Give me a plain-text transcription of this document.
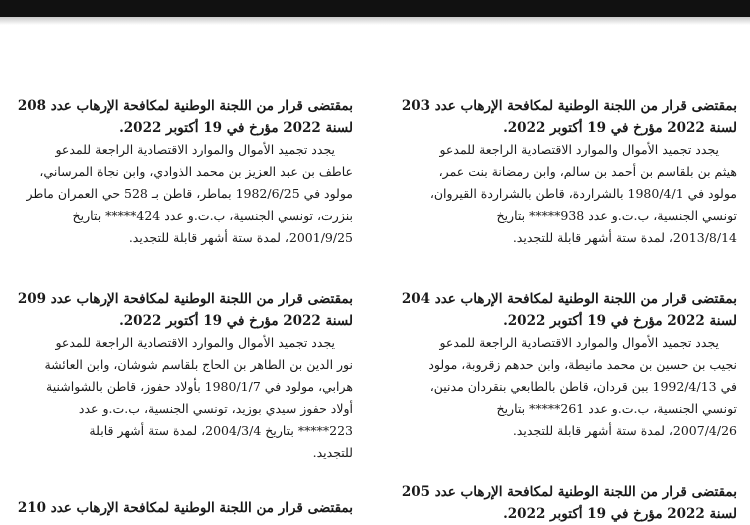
بمقتضى قرار من اللجنة الوطنية لمكافحة الإرهاب عدد 203

لسنة 2022 مؤرخ في 19 أكتوبر 2022.

يجدد تجميد الأموال والموارد الاقتصادية الراجعة للمدعو
هيثم بن بلقاسم بن أحمد بن سالم، وابن رمضانة بنت عمر،
مولود في 1980/4/1 بالشراردة، قاطن بالشراردة القيروان،
تونسي الجنسية، ب.ت.و عدد 938***** بتاريخ
2013/8/14، لمدة ستة أشهر قابلة للتجديد.

بمقتضى قرار من اللجنة الوطنية لمكافحة الإرهاب عدد 204

لسنة 2022 مؤرخ في 19 أكتوبر 2022.

يجدد تجميد الأموال والموارد الاقتصادية الراجعة للمدعو
نجيب بن حسين بن محمد مانيطة، وابن حدهم زقروبة، مولود
في 1992/4/13 ببن قردان، قاطن بالطابعي بنقردان مدنين،
تونسي الجنسية، ب.ت.و عدد 261***** بتاريخ
2007/4/26، لمدة ستة أشهر قابلة للتجديد.

بمقتضى قرار من اللجنة الوطنية لمكافحة الإرهاب عدد 205

لسنة 2022 مؤرخ في 19 أكتوبر 2022.

بمقتضى قرار من اللجنة الوطنية لمكافحة الإرهاب عدد 208

لسنة 2022 مؤرخ في 19 أكتوبر 2022.

يجدد تجميد الأموال والموارد الاقتصادية الراجعة للمدعو
عاطف بن عبد العزيز بن محمد الذوادي، وابن نجاة المرساني،
مولود في 1982/6/25 بماطر، قاطن بـ 528 حي العمران ماطر
بنزرت، تونسي الجنسية، ب.ت.و عدد 424***** بتاريخ
2001/9/25، لمدة ستة أشهر قابلة للتجديد.

بمقتضى قرار من اللجنة الوطنية لمكافحة الإرهاب عدد 209

لسنة 2022 مؤرخ في 19 أكتوبر 2022.

يجدد تجميد الأموال والموارد الاقتصادية الراجعة للمدعو
نور الدين بن الطاهر بن الحاج بلقاسم شوشان، وابن العائشة
هرابي، مولود في 1980/1/7 بأولاد حفوز، قاطن بالشواشنية
أولاد حفوز سيدي بوزيد، تونسي الجنسية، ب.ت.و عدد
223***** بتاريخ 2004/3/4، لمدة ستة أشهر قابلة
للتجديد.

بمقتضى قرار من اللجنة الوطنية لمكافحة الإرهاب عدد 210
